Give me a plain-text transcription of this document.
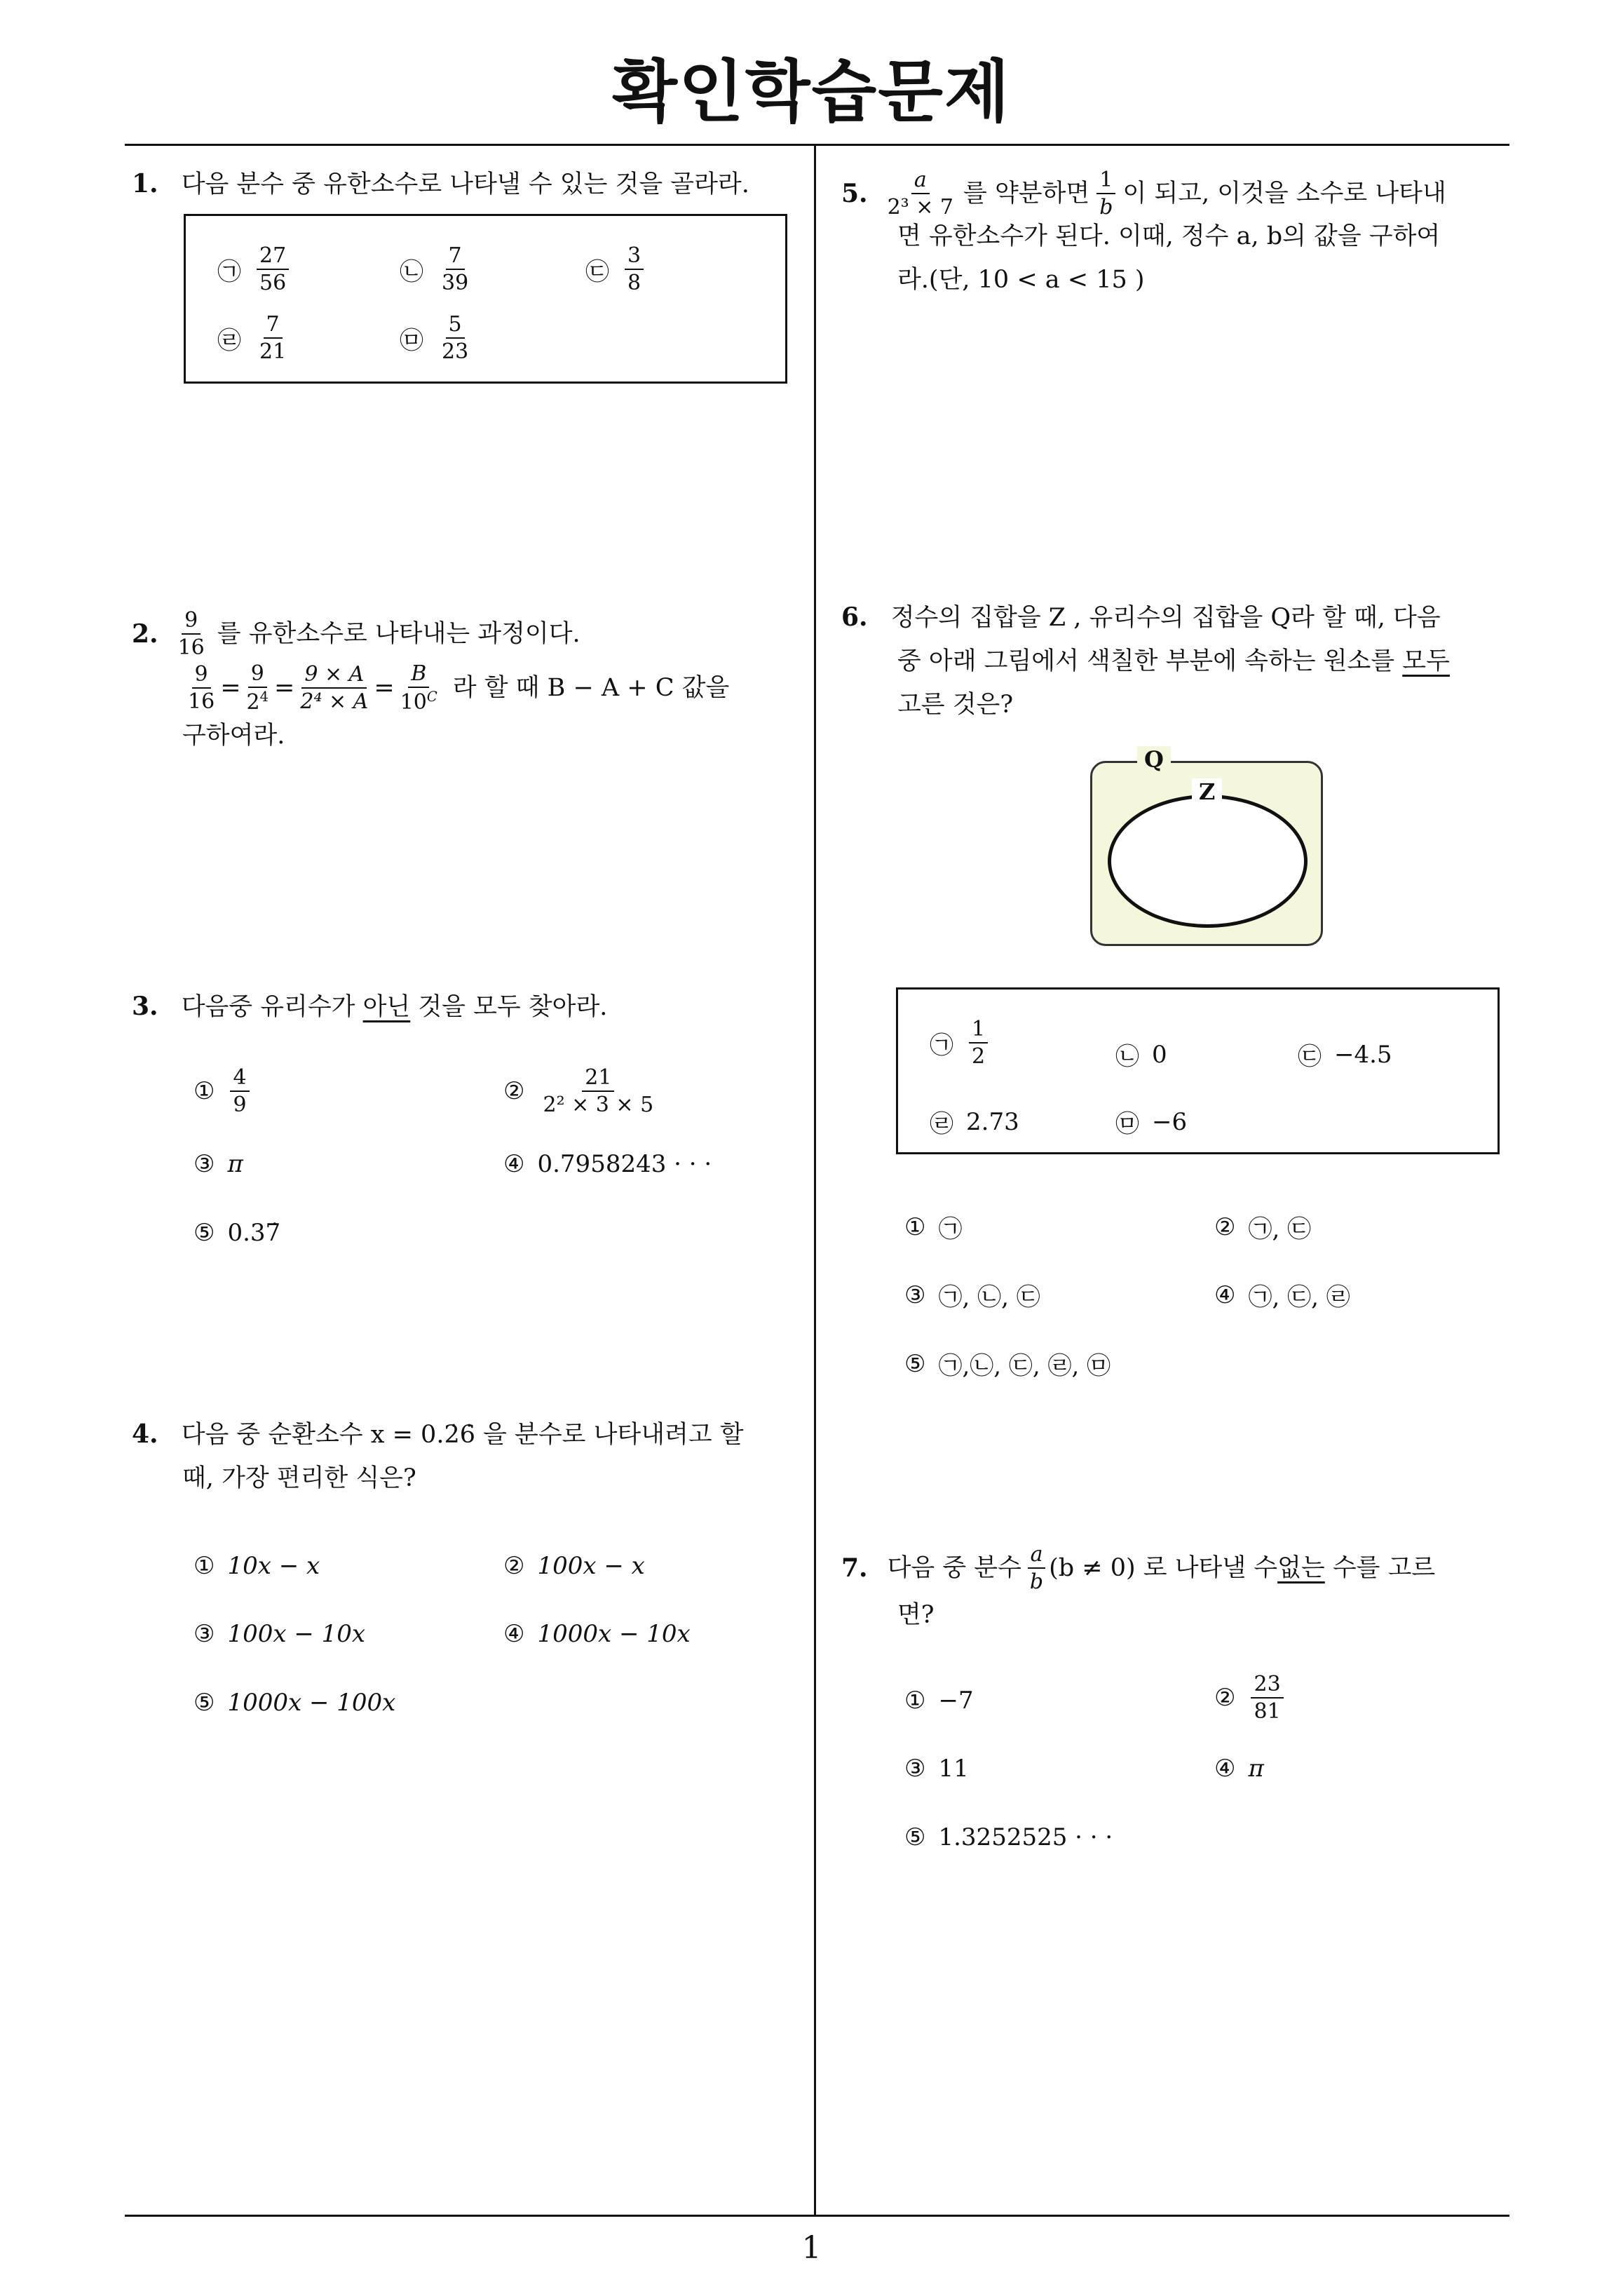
확인학습문제
1. 다음 분수 중 유한소수로 나타낼 수 있는 것을 골라라.
㉠ $\frac{27}{56}$	㉡ $\frac{7}{39}$	㉢ $\frac{3}{8}$
㉣ $\frac{7}{21}$	㉤ $\frac{5}{23}$
2. $\frac{9}{16}$ 를 유한소수로 나타내는 과정이다.
$\frac{9}{16} = \frac{9}{2^4} = \frac{9 \times A}{\text{2⁴ × A}} = \frac{B}{10^C}$ 라 할 때 B − A + C 값을
구하여라.
3. 다음중 유리수가 아닌 것을 모두 찾아라.
① $\frac{4}{9}$	② $\frac{21}{\text{2² × 3 × 5}}$
③ π	④ 0.7958243 · · ·
⑤ 0.37̇
4. 다음 중 순환소수 x = 0.2̇6̇ 을 분수로 나타내려고 할
때, 가장 편리한 식은?
① 10x − x	② 100x − x
③ 100x − 10x	④ 1000x − 10x
⑤ 1000x − 100x
5. $\frac{a}{\text{2³ × 7}}$ 를 약분하면 $\frac{1}{b}$ 이 되고, 이것을 소수로 나타내
면 유한소수가 된다. 이때, 정수 a, b의 값을 구하여
라.(단, 10 < a < 15 )
6. 정수의 집합을 Z , 유리수의 집합을 Q라 할 때, 다음
중 아래 그림에서 색칠한 부분에 속하는 원소를 모두
고른 것은?
Q
Z
㉠ $\frac{1}{2}$	㉡ 0	㉢ −4.5
㉣ 2.73	㉤ −6
① ㉠	② ㉠, ㉢
③ ㉠, ㉡, ㉢	④ ㉠, ㉢, ㉣
⑤ ㉠,㉡, ㉢, ㉣, ㉤
7. 다음 중 분수 $\frac{a}{b} (b \ne 0)$ 로 나타낼 수 없는 수를 고르
면?
① −7	② $\frac{23}{81}$
③ 11	④ π
⑤ 1.3252525 · · ·
1
